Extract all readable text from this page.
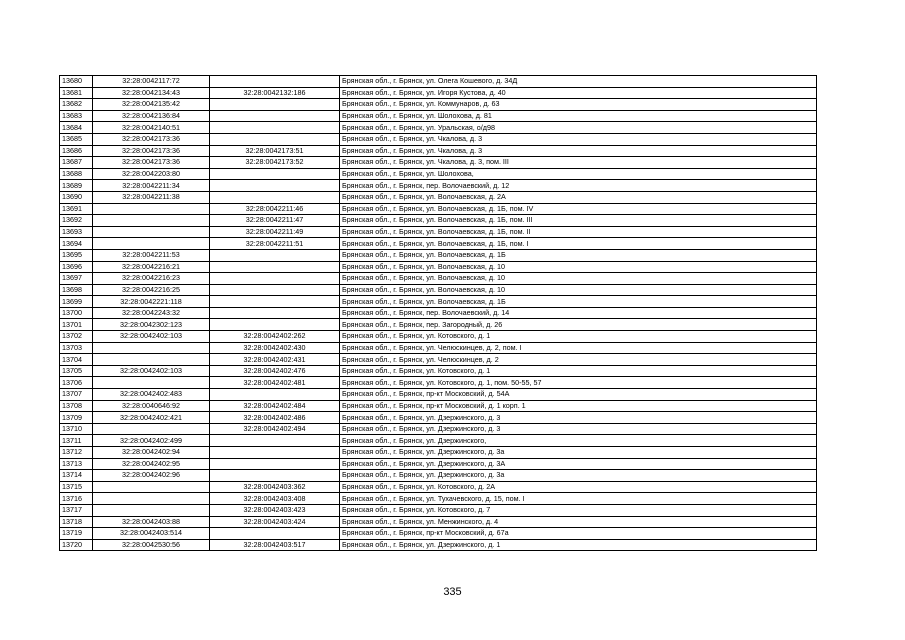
13680	32:28:0042117:72		Брянская обл., г. Брянск, ул. Олега Кошевого, д. 34Д
13681	32:28:0042134:43	32:28:0042132:186	Брянская обл., г. Брянск, ул. Игоря Кустова, д. 40
13682	32:28:0042135:42		Брянская обл., г. Брянск, ул. Коммунаров, д. 63
13683	32:28:0042136:84		Брянская обл., г. Брянск, ул. Шолохова, д. 81
13684	32:28:0042140:51		Брянская обл., г. Брянск, ул. Уральская, о/д98
13685	32:28:0042173:36		Брянская обл., г. Брянск, ул. Чкалова, д. 3
13686	32:28:0042173:36	32:28:0042173:51	Брянская обл., г. Брянск, ул. Чкалова, д. 3
13687	32:28:0042173:36	32:28:0042173:52	Брянская обл., г. Брянск, ул. Чкалова, д. 3, пом. III
13688	32:28:0042203:80		Брянская обл., г. Брянск, ул. Шолохова,
13689	32:28:0042211:34		Брянская обл., г. Брянск, пер. Волочаевский, д. 12
13690	32:28:0042211:38		Брянская обл., г. Брянск, ул. Волочаевская, д. 2А
13691		32:28:0042211:46	Брянская обл., г. Брянск, ул. Волочаевская, д. 1Б, пом. IV
13692		32:28:0042211:47	Брянская обл., г. Брянск, ул. Волочаевская, д. 1Б, пом. III
13693		32:28:0042211:49	Брянская обл., г. Брянск, ул. Волочаевская, д. 1Б, пом. II
13694		32:28:0042211:51	Брянская обл., г. Брянск, ул. Волочаевская, д. 1Б, пом. I
13695	32:28:0042211:53		Брянская обл., г. Брянск, ул. Волочаевская, д. 1Б
13696	32:28:0042216:21		Брянская обл., г. Брянск, ул. Волочаевская, д. 10
13697	32:28:0042216:23		Брянская обл., г. Брянск, ул. Волочаевская, д. 10
13698	32:28:0042216:25		Брянская обл., г. Брянск, ул. Волочаевская, д. 10
13699	32:28:0042221:118		Брянская обл., г. Брянск, ул. Волочаевская, д. 1Б
13700	32:28:0042243:32		Брянская обл., г. Брянск, пер. Волочаевский, д. 14
13701	32:28:0042302:123		Брянская обл., г. Брянск, пер. Загородный, д. 26
13702	32:28:0042402:103	32:28:0042402:262	Брянская обл., г. Брянск, ул. Котовского, д. 1
13703		32:28:0042402:430	Брянская обл., г. Брянск, ул. Челюскинцев, д. 2, пом. I
13704		32:28:0042402:431	Брянская обл., г. Брянск, ул. Челюскинцев, д. 2
13705	32:28:0042402:103	32:28:0042402:476	Брянская обл., г. Брянск, ул. Котовского, д. 1
13706		32:28:0042402:481	Брянская обл., г. Брянск, ул. Котовского, д. 1, пом. 50-55, 57
13707	32:28:0042402:483		Брянская обл., г. Брянск, пр-кт Московский, д. 54А
13708	32:28:0040646:92	32:28:0042402:484	Брянская обл., г. Брянск, пр-кт Московский, д. 1 корп. 1
13709	32:28:0042402:421	32:28:0042402:486	Брянская обл., г. Брянск, ул. Дзержинского, д. 3
13710		32:28:0042402:494	Брянская обл., г. Брянск, ул. Дзержинского, д. 3
13711	32:28:0042402:499		Брянская обл., г. Брянск, ул. Дзержинского,
13712	32:28:0042402:94		Брянская обл., г. Брянск, ул. Дзержинского, д. 3а
13713	32:28:0042402:95		Брянская обл., г. Брянск, ул. Дзержинского, д. 3А
13714	32:28:0042402:96		Брянская обл., г. Брянск, ул. Дзержинского, д. 3а
13715		32:28:0042403:362	Брянская обл., г. Брянск, ул. Котовского, д. 2А
13716		32:28:0042403:408	Брянская обл., г. Брянск, ул. Тухачевского, д. 15, пом. I
13717		32:28:0042403:423	Брянская обл., г. Брянск, ул. Котовского, д. 7
13718	32:28:0042403:88	32:28:0042403:424	Брянская обл., г. Брянск, ул. Менжинского, д. 4
13719	32:28:0042403:514		Брянская обл., г. Брянск, пр-кт Московский, д. 67а
13720	32:28:0042530:56	32:28:0042403:517	Брянская обл., г. Брянск, ул. Дзержинского, д. 1
335
